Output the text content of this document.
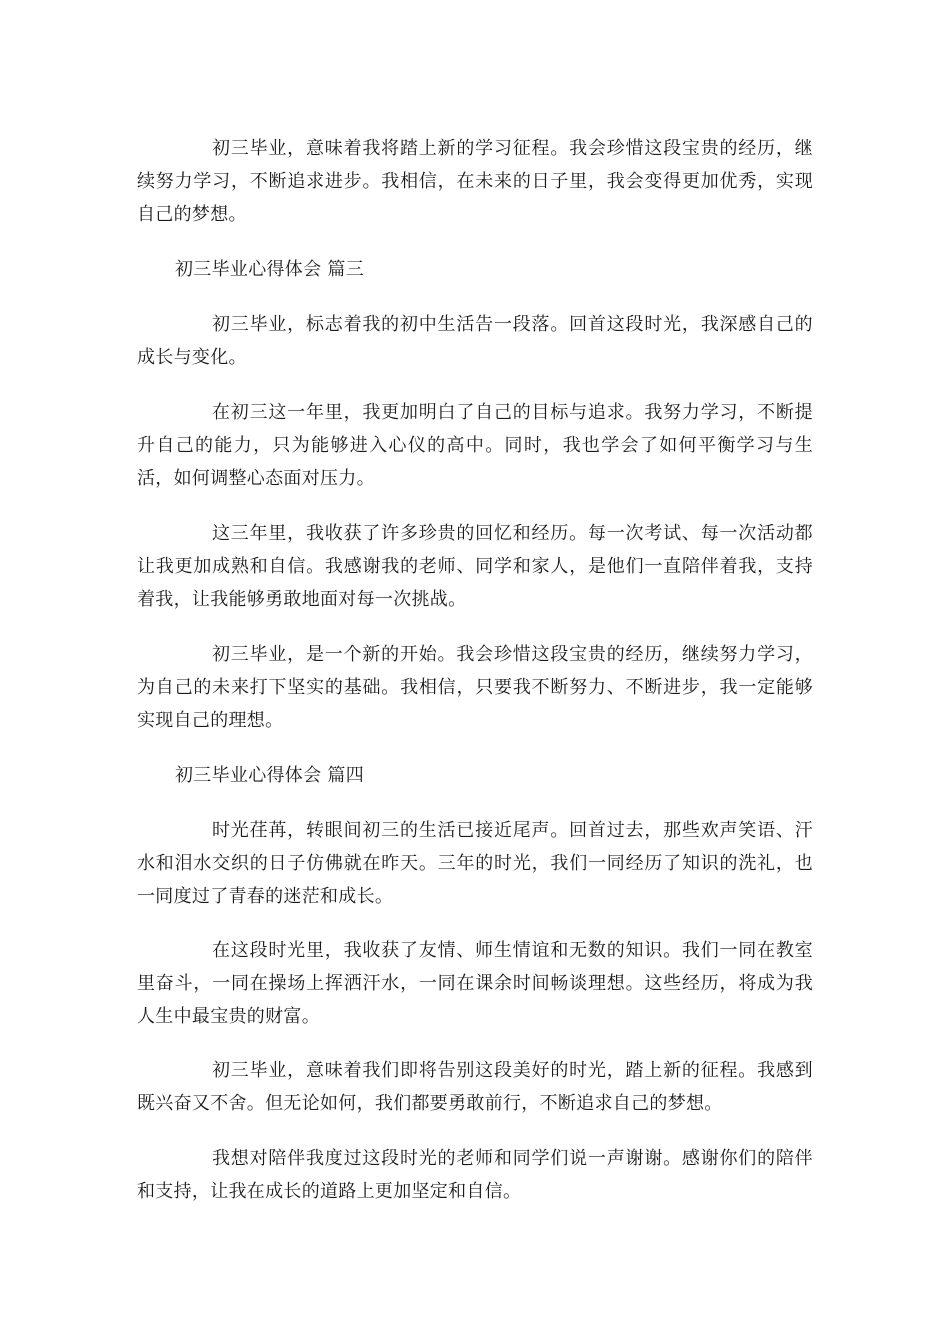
初三毕业，意味着我将踏上新的学习征程。我会珍惜这段宝贵的经历，继续努力学习，不断追求进步。我相信，在未来的日子里，我会变得更加优秀，实现自己的梦想。

初三毕业心得体会 篇三

初三毕业，标志着我的初中生活告一段落。回首这段时光，我深感自己的成长与变化。

在初三这一年里，我更加明白了自己的目标与追求。我努力学习，不断提升自己的能力，只为能够进入心仪的高中。同时，我也学会了如何平衡学习与生活，如何调整心态面对压力。

这三年里，我收获了许多珍贵的回忆和经历。每一次考试、每一次活动都让我更加成熟和自信。我感谢我的老师、同学和家人，是他们一直陪伴着我，支持着我，让我能够勇敢地面对每一次挑战。

初三毕业，是一个新的开始。我会珍惜这段宝贵的经历，继续努力学习，为自己的未来打下坚实的基础。我相信，只要我不断努力、不断进步，我一定能够实现自己的理想。

初三毕业心得体会 篇四

时光荏苒，转眼间初三的生活已接近尾声。回首过去，那些欢声笑语、汗水和泪水交织的日子仿佛就在昨天。三年的时光，我们一同经历了知识的洗礼，也一同度过了青春的迷茫和成长。

在这段时光里，我收获了友情、师生情谊和无数的知识。我们一同在教室里奋斗，一同在操场上挥洒汗水，一同在课余时间畅谈理想。这些经历，将成为我人生中最宝贵的财富。

初三毕业，意味着我们即将告别这段美好的时光，踏上新的征程。我感到既兴奋又不舍。但无论如何，我们都要勇敢前行，不断追求自己的梦想。

我想对陪伴我度过这段时光的老师和同学们说一声谢谢。感谢你们的陪伴和支持，让我在成长的道路上更加坚定和自信。
